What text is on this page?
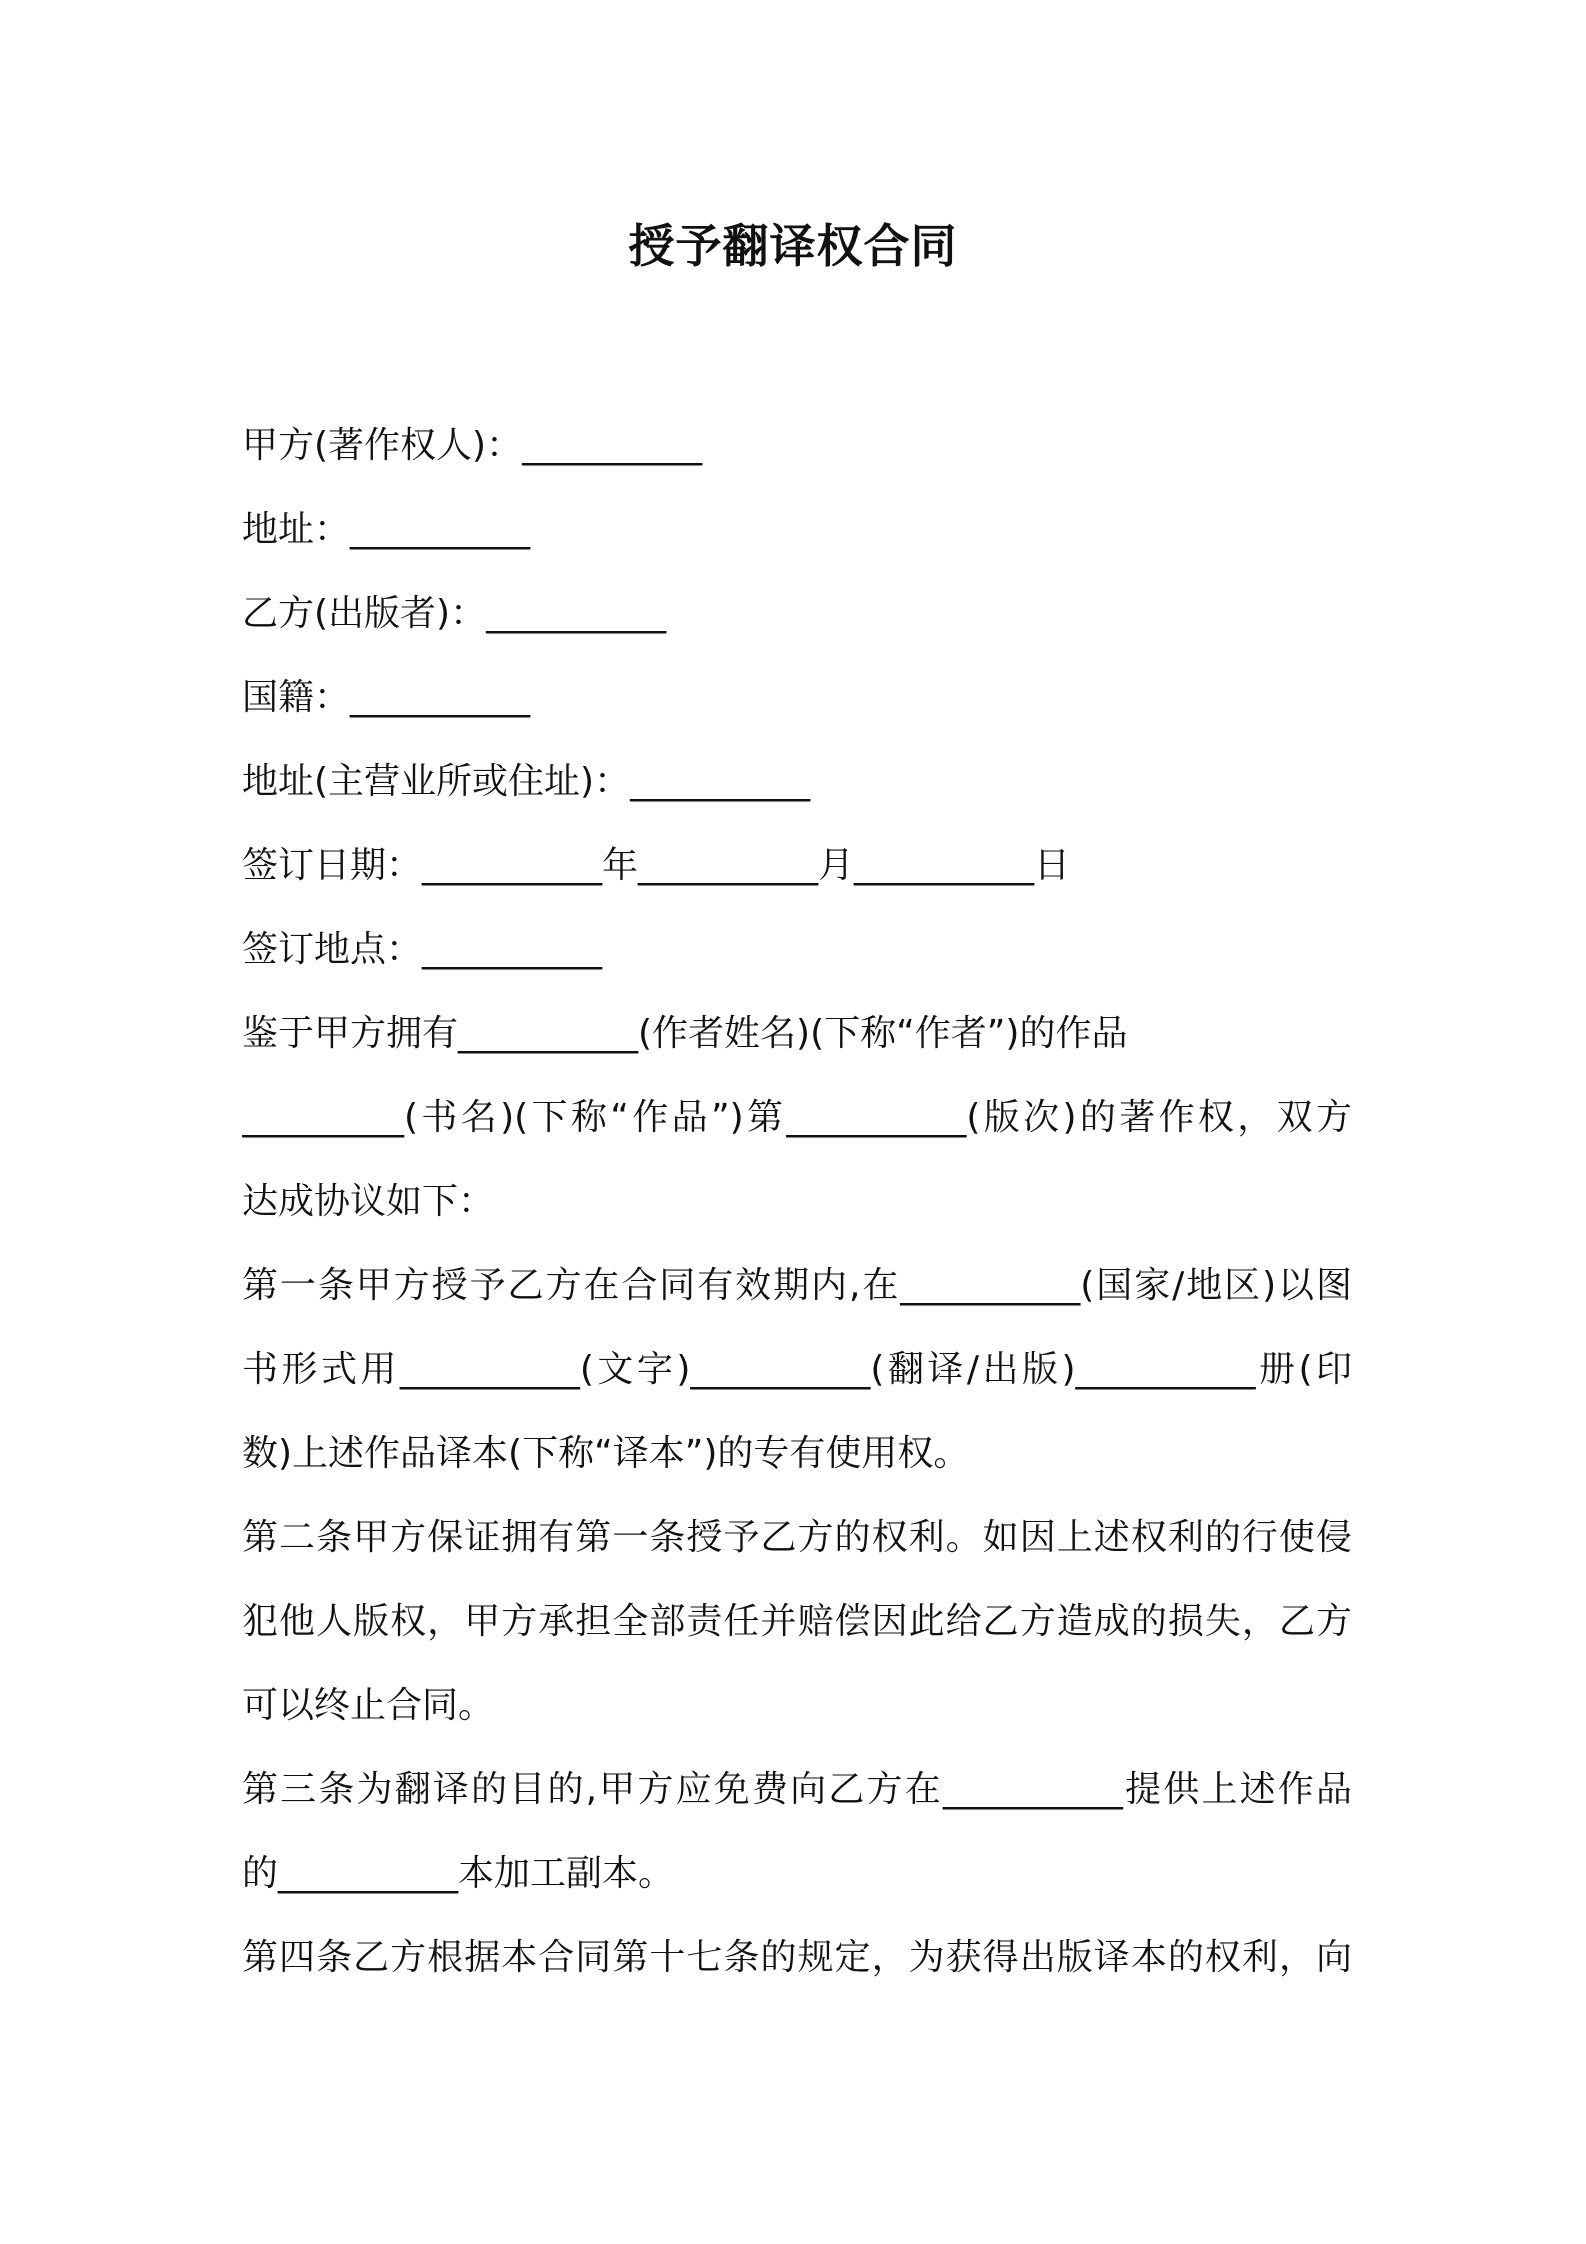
授予翻译权合同
甲方(著作权人)：__________
地址：__________
乙方(出版者)：__________
国籍：__________
地址(主营业所或住址)：__________
签订日期：__________年__________月__________日
签订地点：__________
鉴于甲方拥有__________(作者姓名)(下称“作者”)的作品
_________(书名)(下称“作品”)第__________(版次)的著作权，双方
达成协议如下：
第一条甲方授予乙方在合同有效期内,在__________(国家/地区)以图
书形式用__________(文字)__________(翻译/出版)__________册(印
数)上述作品译本(下称“译本”)的专有使用权。
第二条甲方保证拥有第一条授予乙方的权利。如因上述权利的行使侵
犯他人版权，甲方承担全部责任并赔偿因此给乙方造成的损失，乙方
可以终止合同。
第三条为翻译的目的,甲方应免费向乙方在__________提供上述作品
的__________本加工副本。
第四条乙方根据本合同第十七条的规定，为获得出版译本的权利，向
